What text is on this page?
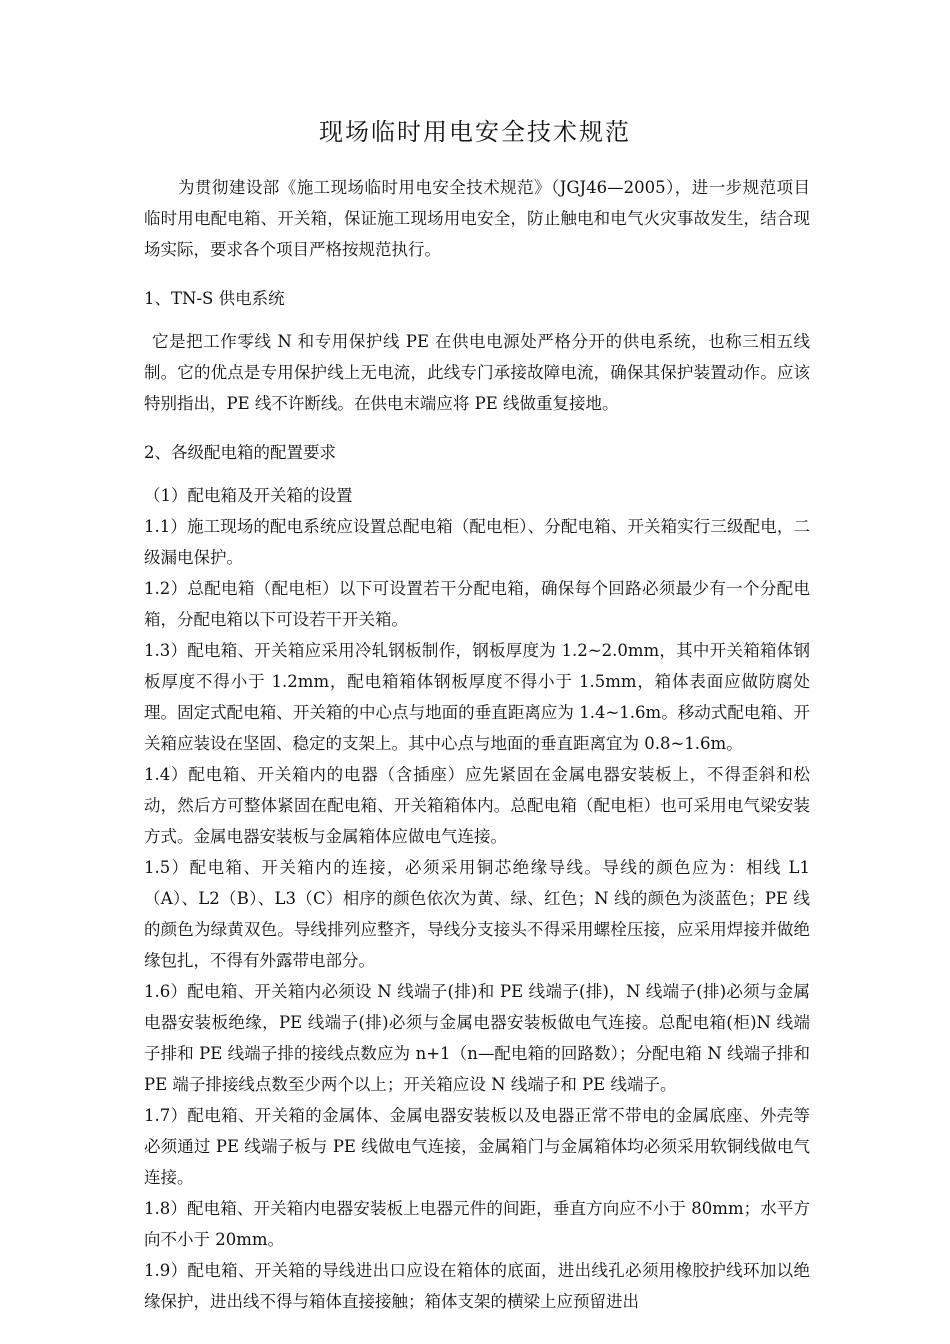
现场临时用电安全技术规范

为贯彻建设部《施工现场临时用电安全技术规范》（JGJ46—2005），进一步规范项目临时用电配电箱、开关箱，保证施工现场用电安全，防止触电和电气火灾事故发生，结合现场实际，要求各个项目严格按规范执行。

1、TN-S 供电系统

它是把工作零线 N 和专用保护线 PE 在供电电源处严格分开的供电系统，也称三相五线制。它的优点是专用保护线上无电流，此线专门承接故障电流，确保其保护装置动作。应该特别指出，PE 线不许断线。在供电末端应将 PE 线做重复接地。

2、各级配电箱的配置要求

（1）配电箱及开关箱的设置

1.1）施工现场的配电系统应设置总配电箱（配电柜）、分配电箱、开关箱实行三级配电，二级漏电保护。

1.2）总配电箱（配电柜）以下可设置若干分配电箱，确保每个回路必须最少有一个分配电箱，分配电箱以下可设若干开关箱。

1.3）配电箱、开关箱应采用冷轧钢板制作，钢板厚度为 1.2~2.0mm，其中开关箱箱体钢板厚度不得小于 1.2mm，配电箱箱体钢板厚度不得小于 1.5mm，箱体表面应做防腐处理。固定式配电箱、开关箱的中心点与地面的垂直距离应为 1.4~1.6m。移动式配电箱、开关箱应装设在坚固、稳定的支架上。其中心点与地面的垂直距离宜为 0.8~1.6m。

1.4）配电箱、开关箱内的电器（含插座）应先紧固在金属电器安装板上，不得歪斜和松动，然后方可整体紧固在配电箱、开关箱箱体内。总配电箱（配电柜）也可采用电气梁安装方式。金属电器安装板与金属箱体应做电气连接。

1.5）配电箱、开关箱内的连接，必须采用铜芯绝缘导线。导线的颜色应为：相线 L1（A）、L2（B）、L3（C）相序的颜色依次为黄、绿、红色；N 线的颜色为淡蓝色；PE 线的颜色为绿黄双色。导线排列应整齐，导线分支接头不得采用螺栓压接，应采用焊接并做绝缘包扎，不得有外露带电部分。

1.6）配电箱、开关箱内必须设 N 线端子(排)和 PE 线端子(排)，N 线端子(排)必须与金属电器安装板绝缘，PE 线端子(排)必须与金属电器安装板做电气连接。总配电箱(柜)N 线端子排和 PE 线端子排的接线点数应为 n+1（n—配电箱的回路数）；分配电箱 N 线端子排和 PE 端子排接线点数至少两个以上；开关箱应设 N 线端子和 PE 线端子。

1.7）配电箱、开关箱的金属体、金属电器安装板以及电器正常不带电的金属底座、外壳等必须通过 PE 线端子板与 PE 线做电气连接，金属箱门与金属箱体均必须采用软铜线做电气连接。

1.8）配电箱、开关箱内电器安装板上电器元件的间距，垂直方向应不小于 80mm；水平方向不小于 20mm。

1.9）配电箱、开关箱的导线进出口应设在箱体的底面，进出线孔必须用橡胶护线环加以绝缘保护，进出线不得与箱体直接接触；箱体支架的横梁上应预留进出
